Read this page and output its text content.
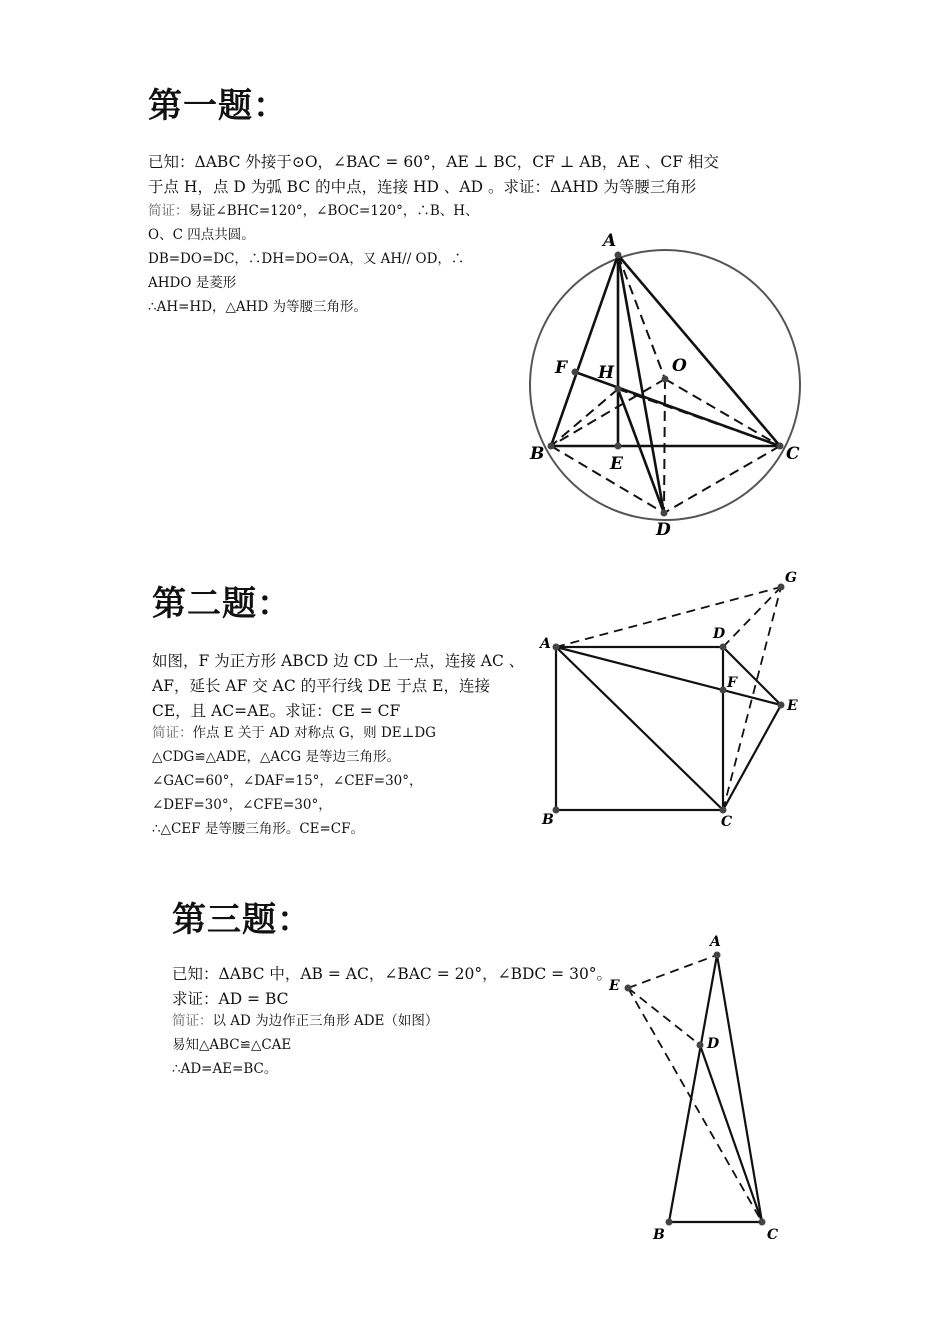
第一题：
已知：ΔABC 外接于⊙O，∠BAC = 60°，AE ⊥ BC，CF ⊥ AB，AE 、CF 相交
于点 H，点 D 为弧 BC 的中点，连接 HD 、AD 。求证：ΔAHD 为等腰三角形
简证：易证∠BHC=120°，∠BOC=120°，∴B、H、
O、C 四点共圆。
DB=DO=DC，∴DH=DO=OA，又 AH// OD，∴
AHDO 是菱形
∴AH=HD，△AHD 为等腰三角形。
A
B	C
D
E
F H	O
第二题：
如图，F 为正方形 ABCD 边 CD 上一点，连接 AC 、
AF，延长 AF 交 AC 的平行线 DE 于点 E，连接
CE，且 AC=AE。求证：CE = CF
简证：作点 E 关于 AD 对称点 G，则 DE⊥DG
△CDG≌△ADE，△ACG 是等边三角形。
∠GAC=60°，∠DAF=15°，∠CEF=30°，
∠DEF=30°，∠CFE=30°，
∴△CEF 是等腰三角形。CE=CF。
A
B	C
D
E
F
G
第三题：
已知：ΔABC 中，AB = AC，∠BAC = 20°，∠BDC = 30°。
求证：AD = BC
简证：以 AD 为边作正三角形 ADE（如图）
易知△ABC≌△CAE
∴AD=AE=BC。
A
B	C
D
E
